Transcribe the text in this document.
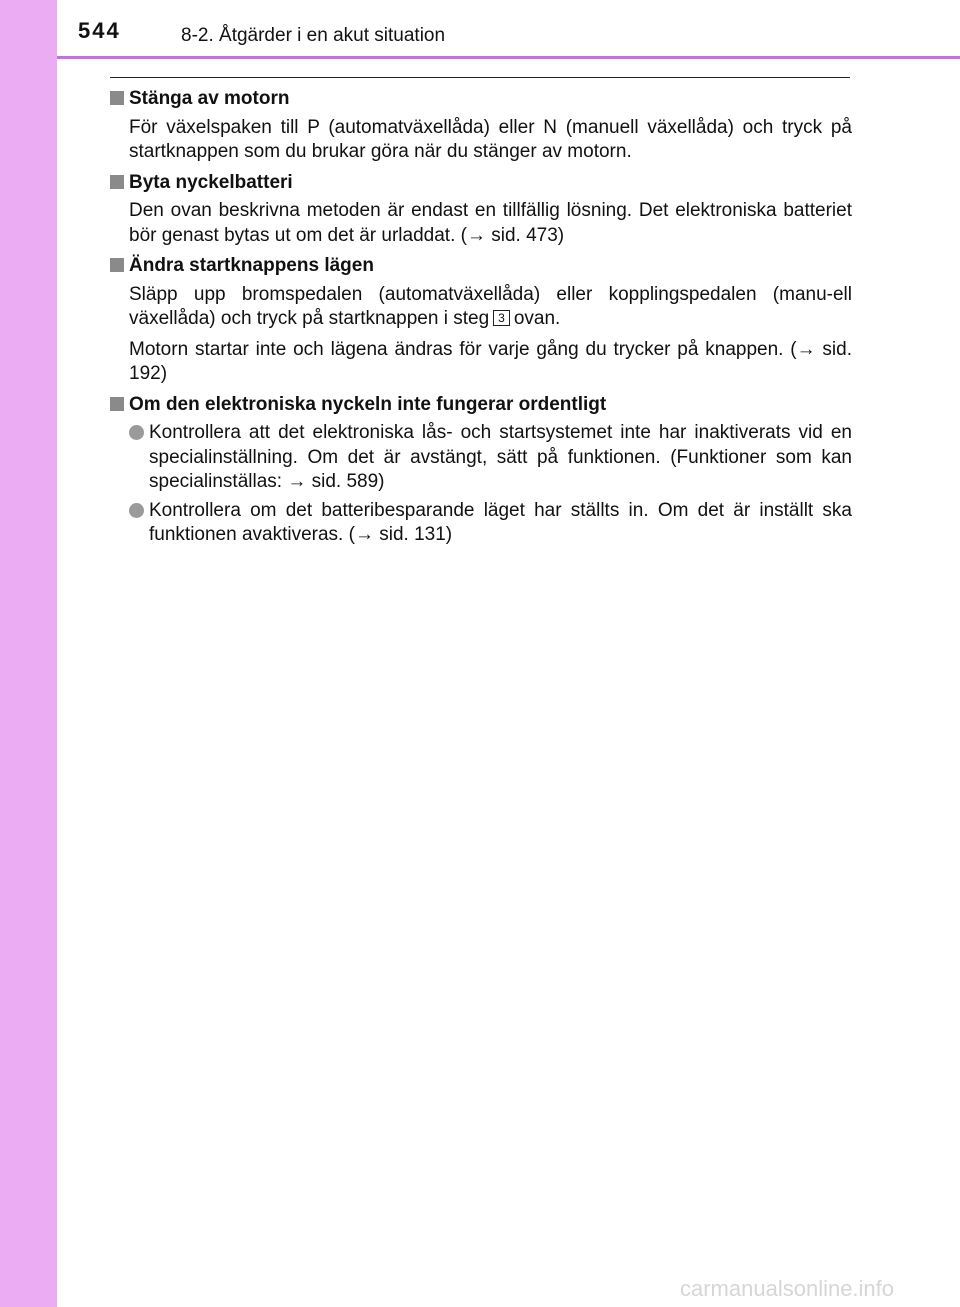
544	8-2. Åtgärder i en akut situation

Stänga av motorn

För växelspaken till P (automatväxellåda) eller N (manuell växellåda) och tryck på startknappen som du brukar göra när du stänger av motorn.

Byta nyckelbatteri

Den ovan beskrivna metoden är endast en tillfällig lösning. Det elektroniska batteriet bör genast bytas ut om det är urladdat. (→ sid. 473)

Ändra startknappens lägen

Släpp upp bromspedalen (automatväxellåda) eller kopplingspedalen (manu-ell växellåda) och tryck på startknappen i steg 3 ovan.

Motorn startar inte och lägena ändras för varje gång du trycker på knappen. (→ sid. 192)

Om den elektroniska nyckeln inte fungerar ordentligt

Kontrollera att det elektroniska lås- och startsystemet inte har inaktiverats vid en specialinställning. Om det är avstängt, sätt på funktionen. (Funktioner som kan specialinställas: → sid. 589)
Kontrollera om det batteribesparande läget har ställts in. Om det är inställt ska funktionen avaktiveras. (→ sid. 131)
carmanualsonline.info
